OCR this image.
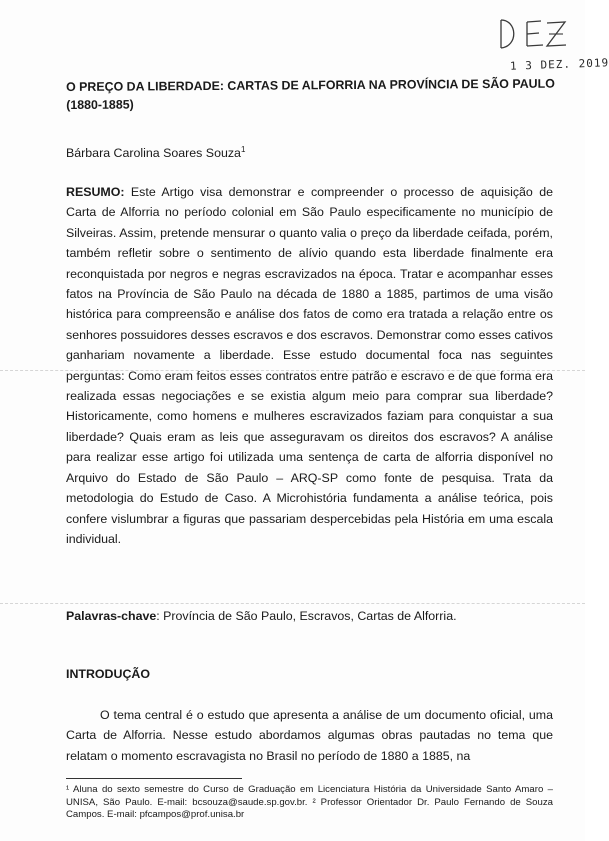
1 3 DEZ. 2019
O PREÇO DA LIBERDADE: CARTAS DE ALFORRIA NA PROVÍNCIA DE SÃO PAULO (1880-1885)

Bárbara Carolina Soares Souza$^1$

RESUMO: Este Artigo visa demonstrar e compreender o processo de aquisição de Carta de Alforria no período colonial em São Paulo especificamente no município de Silveiras. Assim, pretende mensurar o quanto valia o preço da liberdade ceifada, porém, também refletir sobre o sentimento de alívio quando esta liberdade finalmente era reconquistada por negros e negras escravizados na época. Tratar e acompanhar esses fatos na Província de São Paulo na década de 1880 a 1885, partimos de uma visão histórica para compreensão e análise dos fatos de como era tratada a relação entre os senhores possuidores desses escravos e dos escravos. Demonstrar como esses cativos ganhariam novamente a liberdade. Esse estudo documental foca nas seguintes perguntas: Como eram feitos esses contratos entre patrão e escravo e de que forma era realizada essas negociações e se existia algum meio para comprar sua liberdade? Historicamente, como homens e mulheres escravizados faziam para conquistar a sua liberdade? Quais eram as leis que asseguravam os direitos dos escravos? A análise para realizar esse artigo foi utilizada uma sentença de carta de alforria disponível no Arquivo do Estado de São Paulo – ARQ-SP como fonte de pesquisa. Trata da metodologia do Estudo de Caso. A Microhistória fundamenta a análise teórica, pois confere vislumbrar a figuras que passariam despercebidas pela História em uma escala individual.

Palavras-chave: Província de São Paulo, Escravos, Cartas de Alforria.

INTRODUÇÃO

O tema central é o estudo que apresenta a análise de um documento oficial, uma Carta de Alforria. Nesse estudo abordamos algumas obras pautadas no tema que relatam o momento escravagista no Brasil no período de 1880 a 1885, na

¹ Aluna do sexto semestre do Curso de Graduação em Licenciatura História da Universidade Santo Amaro – UNISA, São Paulo. E-mail: bcsouza@saude.sp.gov.br. ² Professor Orientador Dr. Paulo Fernando de Souza Campos. E-mail: pfcampos@prof.unisa.br
